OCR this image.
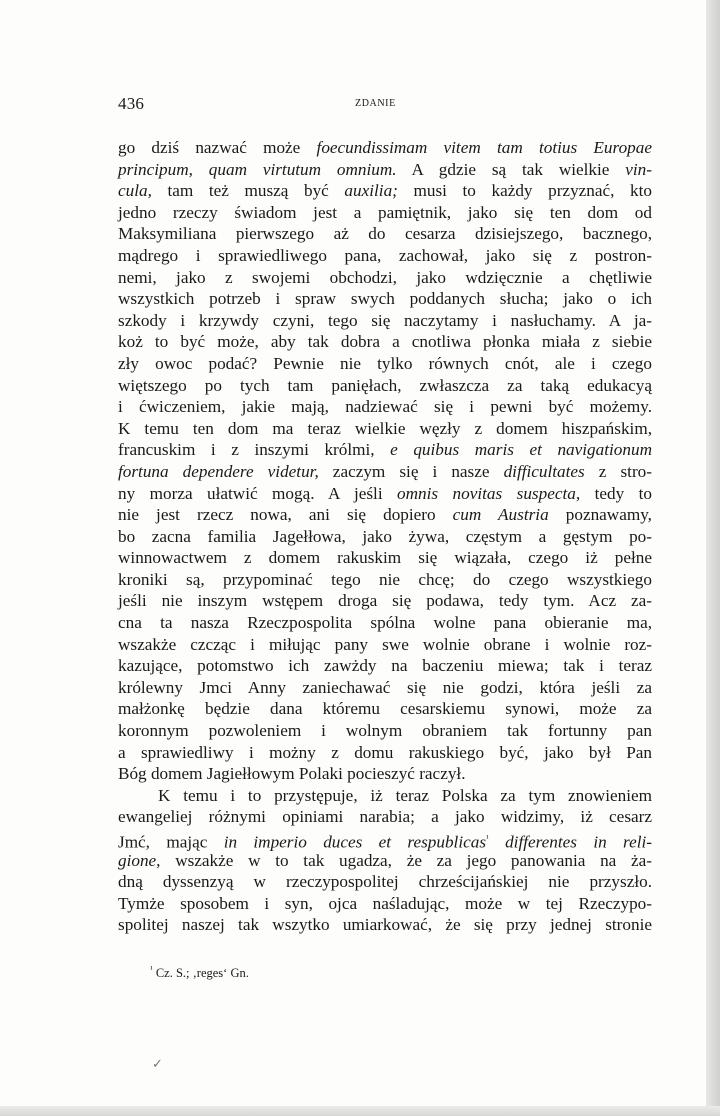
436	ZDANIE
go dziś nazwać może foecundissimam vitem tam totius Europae
principum, quam virtutum omnium. A gdzie są tak wielkie vin-
cula, tam też muszą być auxilia; musi to każdy przyznać, kto
jedno rzeczy świadom jest a pamiętnik, jako się ten dom od
Maksymiliana pierwszego aż do cesarza dzisiejszego, bacznego,
mądrego i sprawiedliwego pana, zachował, jako się z postron-
nemi, jako z swojemi obchodzi, jako wdzięcznie a chętliwie
wszystkich potrzeb i spraw swych poddanych słucha; jako o ich
szkody i krzywdy czyni, tego się naczytamy i nasłuchamy. A ja-
koż to być może, aby tak dobra a cnotliwa płonka miała z siebie
zły owoc podać? Pewnie nie tylko równych cnót, ale i czego
więtszego po tych tam panięłach, zwłaszcza za taką edukacyą
i ćwiczeniem, jakie mają, nadziewać się i pewni być możemy.
K temu ten dom ma teraz wielkie węzły z domem hiszpańskim,
francuskim i z inszymi królmi, e quibus maris et navigationum
fortuna dependere videtur, zaczym się i nasze difficultates z stro-
ny morza ułatwić mogą. A jeśli omnis novitas suspecta, tedy to
nie jest rzecz nowa, ani się dopiero cum Austria poznawamy,
bo zacna familia Jagełłowa, jako żywa, częstym a gęstym po-
winnowactwem z domem rakuskim się wiązała, czego iż pełne
kroniki są, przypominać tego nie chcę; do czego wszystkiego
jeśli nie inszym wstępem droga się podawa, tedy tym. Acz za-
cna ta nasza Rzeczpospolita spólna wolne pana obieranie ma,
wszakże czcząc i miłując pany swe wolnie obrane i wolnie roz-
kazujące, potomstwo ich zawżdy na baczeniu miewa; tak i teraz
królewny Jmci Anny zaniechawać się nie godzi, która jeśli za
małżonkę będzie dana któremu cesarskiemu synowi, może za
koronnym pozwoleniem i wolnym obraniem tak fortunny pan
a sprawiedliwy i możny z domu rakuskiego być, jako był Pan
Bóg domem Jagiełłowym Polaki pocieszyć raczył.
K temu i to przystępuje, iż teraz Polska za tym znowieniem
ewangeliej różnymi opiniami narabia; a jako widzimy, iż cesarz
Jmć, mając in imperio duces et respublicas$^{^1}$ differentes in reli-
gione, wszakże w to tak ugadza, że za jego panowania na ża-
dną dyssenzyą w rzeczypospolitej chrześcijańskiej nie przyszło.
Tymże sposobem i syn, ojca naśladując, może w tej Rzeczypo-
spolitej naszej tak wszytko umiarkować, że się przy jednej stronie
$^{^1}$ Cz. S.; ‚reges‘ Gn.
✓
